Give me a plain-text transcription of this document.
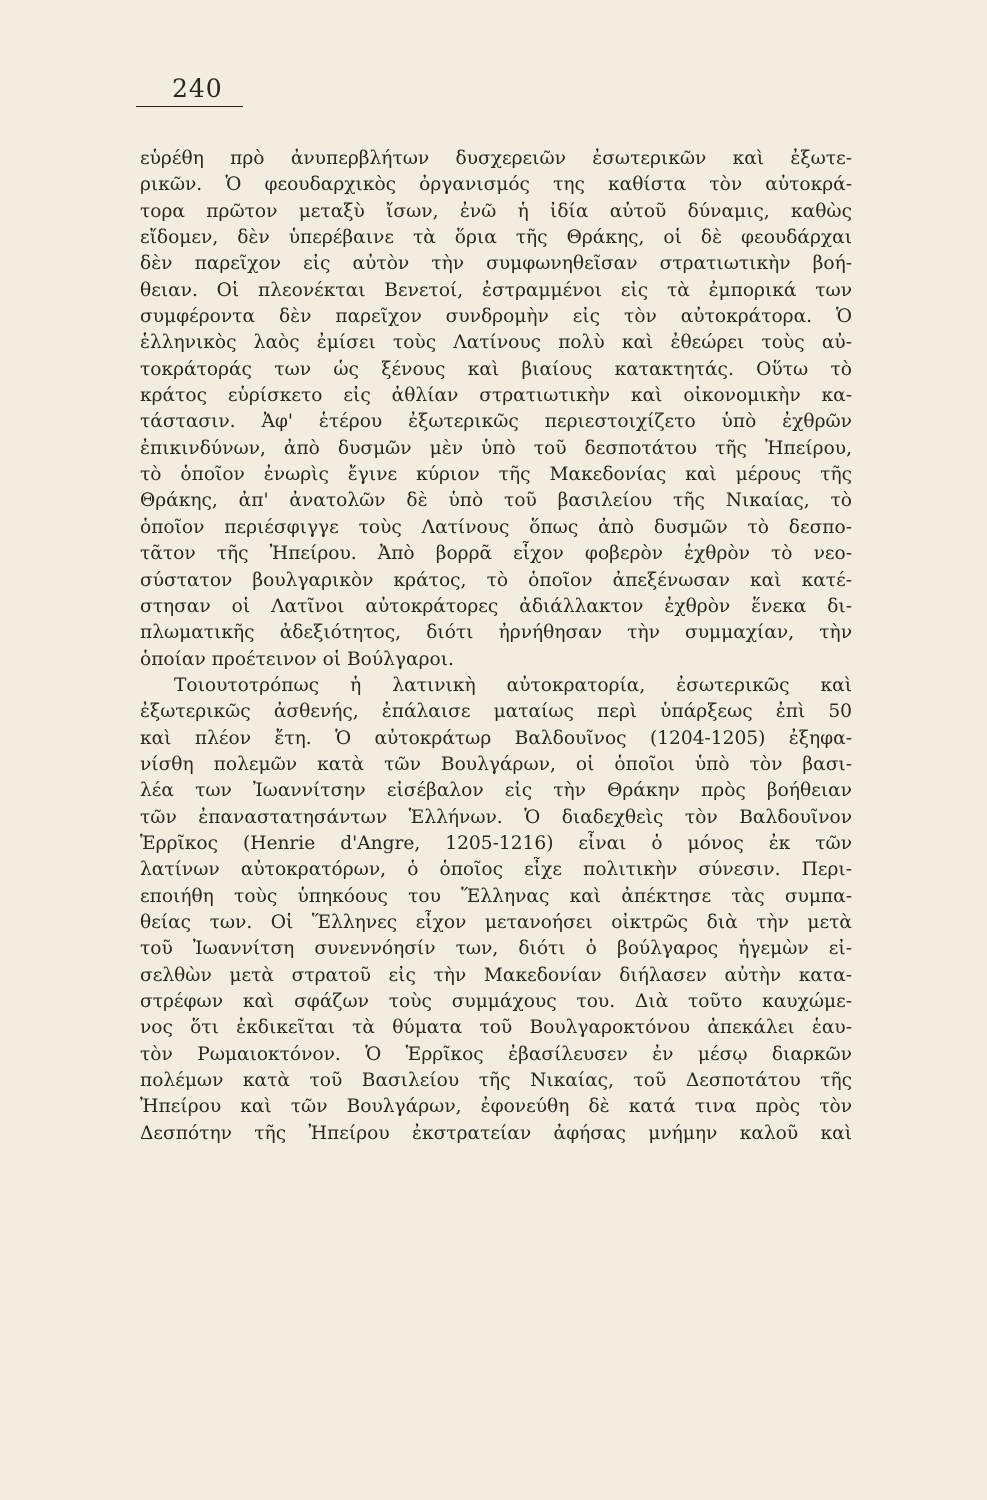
240
εὑρέθη πρὸ ἀνυπερβλήτων δυσχερειῶν ἐσωτερικῶν καὶ ἐξωτε-
ρικῶν. Ὁ φεουδαρχικὸς ὀργανισμός της καθίστα τὸν αὐτοκρά-
τορα πρῶτον μεταξὺ ἴσων, ἐνῶ ἡ ἰδία αὐτοῦ δύναμις, καθὼς
εἴδομεν, δὲν ὑπερέβαινε τὰ ὅρια τῆς Θράκης, οἱ δὲ φεουδάρχαι
δὲν παρεῖχον εἰς αὐτὸν τὴν συμφωνηθεῖσαν στρατιωτικὴν βοή-
θειαν. Οἱ πλεονέκται Βενετοί, ἐστραμμένοι εἰς τὰ ἐμπορικά των
συμφέροντα δὲν παρεῖχον συνδρομὴν εἰς τὸν αὐτοκράτορα. Ὁ
ἑλληνικὸς λαὸς ἐμίσει τοὺς Λατίνους πολὺ καὶ ἐθεώρει τοὺς αὐ-
τοκράτοράς των ὡς ξένους καὶ βιαίους κατακτητάς. Οὕτω τὸ
κράτος εὑρίσκετο εἰς ἀθλίαν στρατιωτικὴν καὶ οἰκονομικὴν κα-
τάστασιν. Ἀφ' ἑτέρου ἐξωτερικῶς περιεστοιχίζετο ὑπὸ ἐχθρῶν
ἐπικινδύνων, ἀπὸ δυσμῶν μὲν ὑπὸ τοῦ δεσποτάτου τῆς Ἠπείρου,
τὸ ὁποῖον ἐνωρὶς ἔγινε κύριον τῆς Μακεδονίας καὶ μέρους τῆς
Θράκης, ἀπ' ἀνατολῶν δὲ ὑπὸ τοῦ βασιλείου τῆς Νικαίας, τὸ
ὁποῖον περιέσφιγγε τοὺς Λατίνους ὅπως ἀπὸ δυσμῶν τὸ δεσπο-
τᾶτον τῆς Ἠπείρου. Ἀπὸ βορρᾶ εἶχον φοβερὸν ἐχθρὸν τὸ νεο-
σύστατον βουλγαρικὸν κράτος, τὸ ὁποῖον ἀπεξένωσαν καὶ κατέ-
στησαν οἱ Λατῖνοι αὐτοκράτορες ἀδιάλλακτον ἐχθρὸν ἕνεκα δι-
πλωματικῆς ἀδεξιότητος, διότι ἠρνήθησαν τὴν συμμαχίαν, τὴν
ὁποίαν προέτεινον οἱ Βούλγαροι.
Τοιουτοτρόπως ἡ λατινικὴ αὐτοκρατορία, ἐσωτερικῶς καὶ
ἐξωτερικῶς ἀσθενής, ἐπάλαισε ματαίως περὶ ὑπάρξεως ἐπὶ 50
καὶ πλέον ἔτη. Ὁ αὐτοκράτωρ Βαλδουῖνος (1204-1205) ἐξηφα-
νίσθη πολεμῶν κατὰ τῶν Βουλγάρων, οἱ ὁποῖοι ὑπὸ τὸν βασι-
λέα των Ἰωαννίτσην εἰσέβαλον εἰς τὴν Θράκην πρὸς βοήθειαν
τῶν ἐπαναστατησάντων Ἑλλήνων. Ὁ διαδεχθεὶς τὸν Βαλδουῖνον
Ἑρρῖκος (Henrie d'Angre, 1205-1216) εἶναι ὁ μόνος ἐκ τῶν
λατίνων αὐτοκρατόρων, ὁ ὁποῖος εἶχε πολιτικὴν σύνεσιν. Περι-
εποιήθη τοὺς ὑπηκόους του Ἕλληνας καὶ ἀπέκτησε τὰς συμπα-
θείας των. Οἱ Ἕλληνες εἶχον μετανοήσει οἰκτρῶς διὰ τὴν μετὰ
τοῦ Ἰωαννίτση συνεννόησίν των, διότι ὁ βούλγαρος ἡγεμὼν εἰ-
σελθὼν μετὰ στρατοῦ εἰς τὴν Μακεδονίαν διήλασεν αὐτὴν κατα-
στρέφων καὶ σφάζων τοὺς συμμάχους του. Διὰ τοῦτο καυχώμε-
νος ὅτι ἐκδικεῖται τὰ θύματα τοῦ Βουλγαροκτόνου ἀπεκάλει ἑαυ-
τὸν Ρωμαιοκτόνον. Ὁ Ἑρρῖκος ἐβασίλευσεν ἐν μέσῳ διαρκῶν
πολέμων κατὰ τοῦ Βασιλείου τῆς Νικαίας, τοῦ Δεσποτάτου τῆς
Ἠπείρου καὶ τῶν Βουλγάρων, ἐφονεύθη δὲ κατά τινα πρὸς τὸν
Δεσπότην τῆς Ἠπείρου ἐκστρατείαν ἀφήσας μνήμην καλοῦ καὶ
